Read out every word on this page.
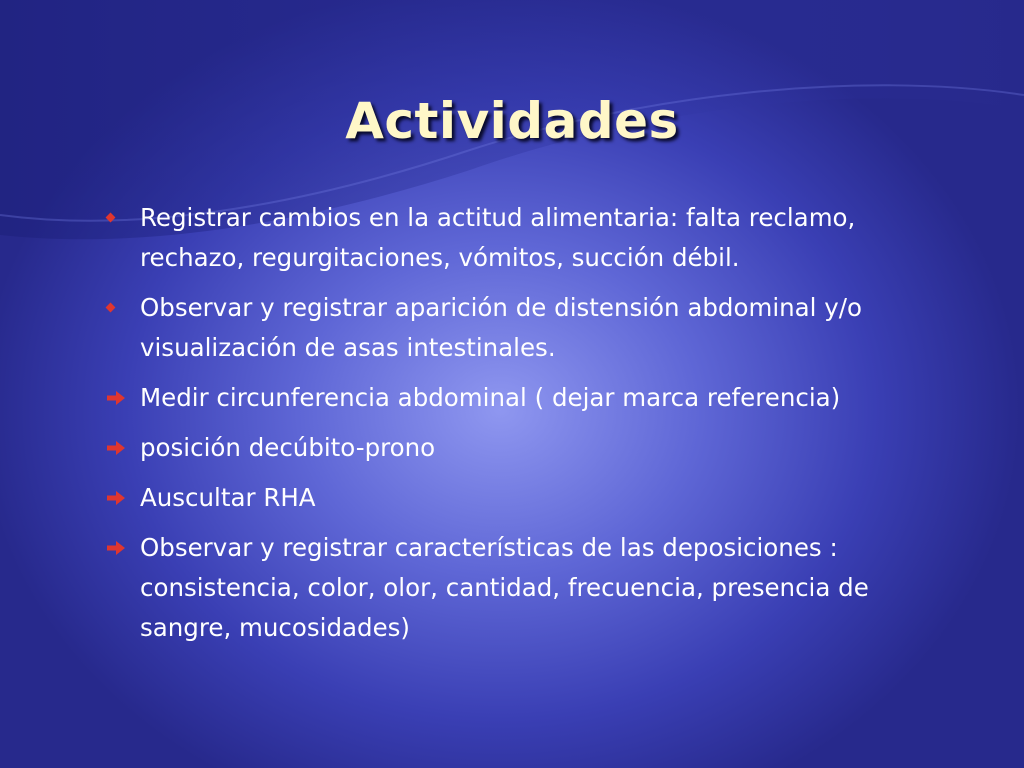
Actividades
Registrar cambios en la actitud alimentaria: falta reclamo, rechazo, regurgitaciones, vómitos, succión débil.
Observar y registrar aparición de distensión abdominal y/o visualización de asas intestinales.
Medir circunferencia abdominal ( dejar marca referencia)
posición decúbito-prono
Auscultar RHA
Observar y registrar características de las deposiciones : consistencia, color, olor, cantidad, frecuencia, presencia de sangre, mucosidades)
